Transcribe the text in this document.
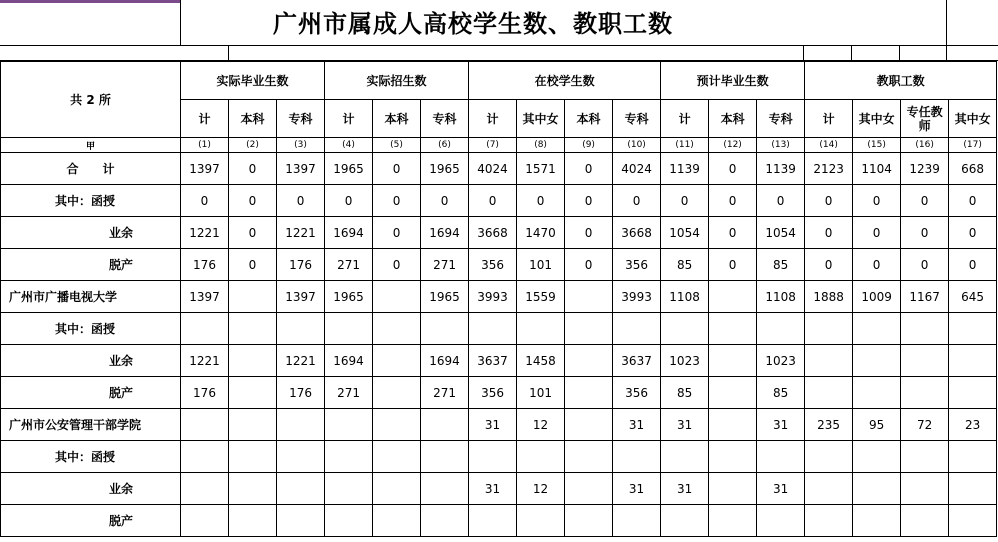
广州市属成人高校学生数、教职工数
共 2 所	实际毕业生数			实际招生数			在校学生数				预计毕业生数			教职工数			
	计	本科	专科	计	本科	专科	计	其中女	本科	专科	计	本科	专科	计	其中女	专任教师	其中女
甲	(1)	(2)	(3)	(4)	(5)	(6)	(7)	(8)	(9)	(10)	(11)	(12)	(13)	(14)	(15)	(16)	(17)
合　　计	1397	0	1397	1965	0	1965	4024	1571	0	4024	1139	0	1139	2123	1104	1239	668
其中：函授	0	0	0	0	0	0	0	0	0	0	0	0	0	0	0	0	0
业余	1221	0	1221	1694	0	1694	3668	1470	0	3668	1054	0	1054	0	0	0	0
脱产	176	0	176	271	0	271	356	101	0	356	85	0	85	0	0	0	0
广州市广播电视大学	1397		1397	1965		1965	3993	1559		3993	1108		1108	1888	1009	1167	645
其中：函授																	
业余	1221		1221	1694		1694	3637	1458		3637	1023		1023				
脱产	176		176	271		271	356	101		356	85		85				
广州市公安管理干部学院							31	12		31	31		31	235	95	72	23
其中：函授																	
业余							31	12		31	31		31				
脱产																	
